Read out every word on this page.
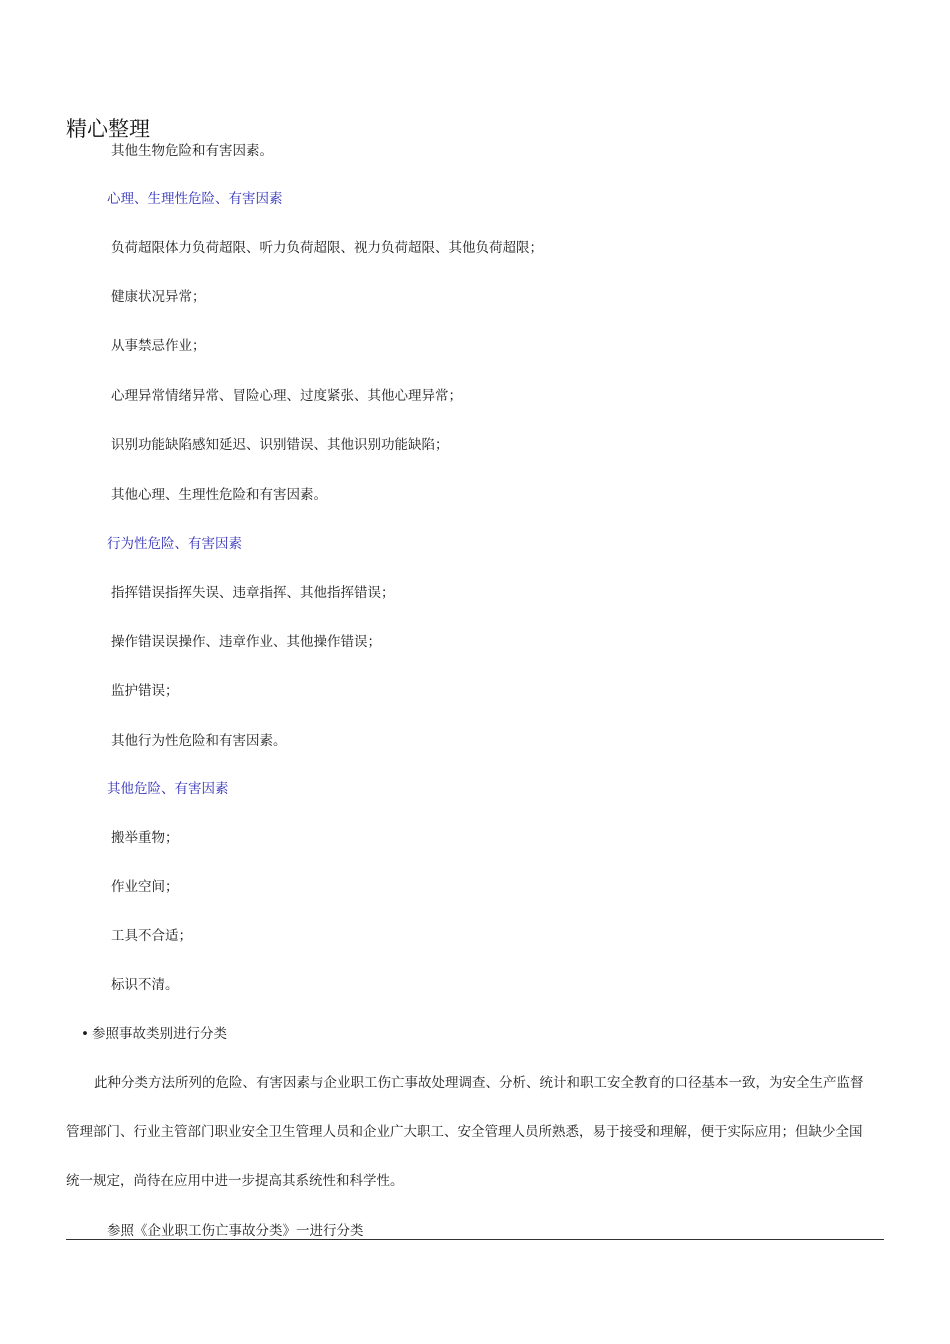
精心整理
其他生物危险和有害因素。
心理、生理性危险、有害因素
负荷超限体力负荷超限、听力负荷超限、视力负荷超限、其他负荷超限；
健康状况异常；
从事禁忌作业；
心理异常情绪异常、冒险心理、过度紧张、其他心理异常；
识别功能缺陷感知延迟、识别错误、其他识别功能缺陷；
其他心理、生理性危险和有害因素。
行为性危险、有害因素
指挥错误指挥失误、违章指挥、其他指挥错误；
操作错误误操作、违章作业、其他操作错误；
监护错误；
其他行为性危险和有害因素。
其他危险、有害因素
搬举重物；
作业空间；
工具不合适；
标识不清。
• 参照事故类别进行分类
此种分类方法所列的危险、有害因素与企业职工伤亡事故处理调查、分析、统计和职工安全教育的口径基本一致，为安全生产监督
管理部门、行业主管部门职业安全卫生管理人员和企业广大职工、安全管理人员所熟悉，易于接受和理解，便于实际应用；但缺少全国
统一规定，尚待在应用中进一步提高其系统性和科学性。
参照《企业职工伤亡事故分类》一进行分类
